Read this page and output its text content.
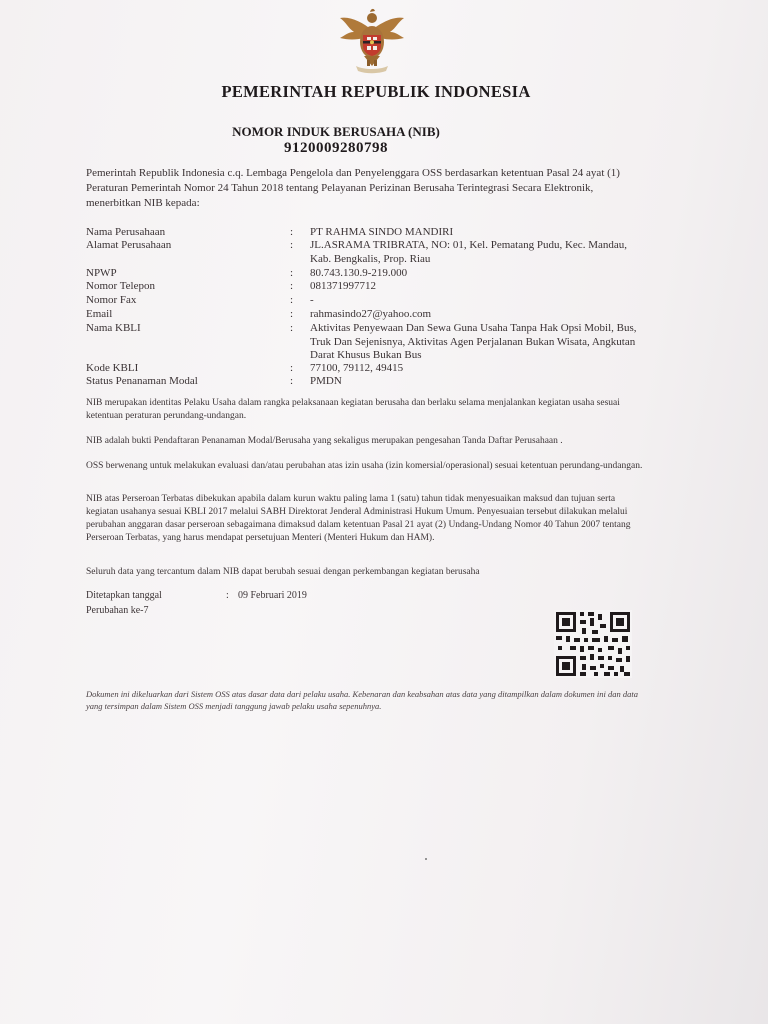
PEMERINTAH REPUBLIK INDONESIA
NOMOR INDUK BERUSAHA (NIB)
9120009280798
Pemerintah Republik Indonesia c.q. Lembaga Pengelola dan Penyelenggara OSS berdasarkan ketentuan Pasal 24 ayat (1) Peraturan Pemerintah Nomor 24 Tahun 2018 tentang Pelayanan Perizinan Berusaha Terintegrasi Secara Elektronik, menerbitkan NIB kepada:
Nama Perusahaan	:	PT RAHMA SINDO MANDIRI
Alamat Perusahaan	:	JL.ASRAMA TRIBRATA, NO: 01, Kel. Pematang Pudu, Kec. Mandau, Kab. Bengkalis, Prop. Riau
NPWP	:	80.743.130.9-219.000
Nomor Telepon	:	081371997712
Nomor Fax	:	-
Email	:	rahmasindo27@yahoo.com
Nama KBLI	:	Aktivitas Penyewaan Dan Sewa Guna Usaha Tanpa Hak Opsi Mobil, Bus, Truk Dan Sejenisnya, Aktivitas Agen Perjalanan Bukan Wisata, Angkutan Darat Khusus Bukan Bus
Kode KBLI	:	77100, 79112, 49415
Status Penanaman Modal	:	PMDN
NIB merupakan identitas Pelaku Usaha dalam rangka pelaksanaan kegiatan berusaha dan berlaku selama menjalankan kegiatan usaha sesuai ketentuan peraturan perundang-undangan.
NIB adalah bukti Pendaftaran Penanaman Modal/Berusaha yang sekaligus merupakan pengesahan Tanda Daftar Perusahaan .
OSS berwenang untuk melakukan evaluasi dan/atau perubahan atas izin usaha (izin komersial/operasional) sesuai ketentuan perundang-undangan.
NIB atas Perseroan Terbatas dibekukan apabila dalam kurun waktu paling lama 1 (satu) tahun tidak menyesuaikan maksud dan tujuan serta kegiatan usahanya sesuai KBLI 2017 melalui SABH Direktorat Jenderal Administrasi Hukum Umum. Penyesuaian tersebut dilakukan melalui perubahan anggaran dasar perseroan sebagaimana dimaksud dalam ketentuan Pasal 21 ayat (2) Undang-Undang Nomor 40 Tahun 2007 tentang Perseroan Terbatas, yang harus mendapat persetujuan Menteri (Menteri Hukum dan HAM).
Seluruh data yang tercantum dalam NIB dapat berubah sesuai dengan perkembangan kegiatan berusaha
Ditetapkan tanggal	: 09 Februari 2019
Perubahan ke-7
Dokumen ini dikeluarkan dari Sistem OSS atas dasar data dari pelaku usaha. Kebenaran dan keabsahan atas data yang ditampilkan dalam dokumen ini dan data yang tersimpan dalam Sistem OSS menjadi tanggung jawab pelaku usaha sepenuhnya.
